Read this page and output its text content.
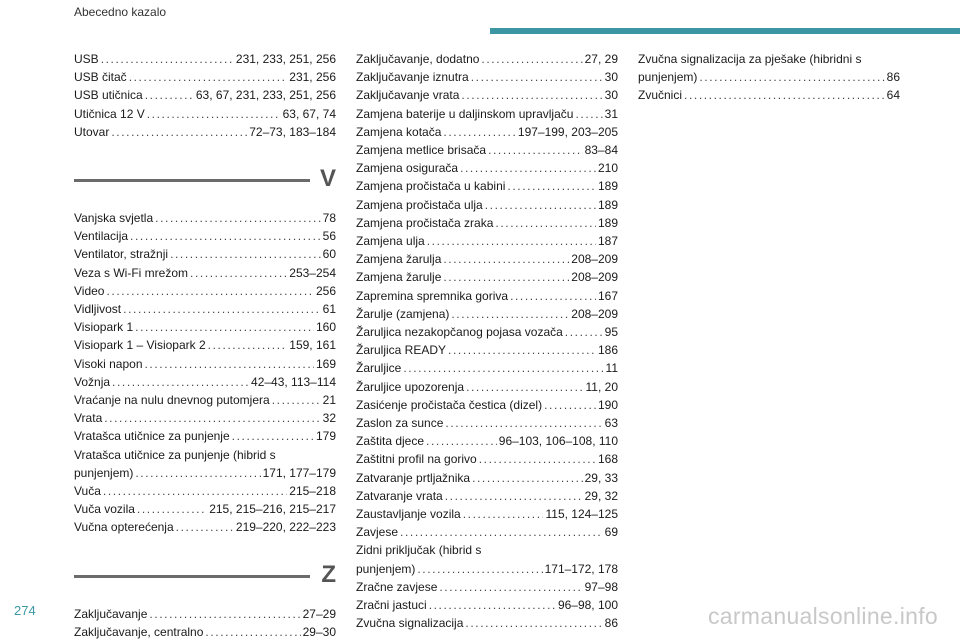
Abecedno kazalo
USB .....	231, 233, 251, 256
USB čitač .....	231, 256
USB utičnica .....	63, 67, 231, 233, 251, 256
Utičnica 12 V .....	63, 67, 74
Utovar .....	72–73, 183–184
V
Vanjska svjetla .....	78
Ventilacija .....	56
Ventilator, stražnji .....	60
Veza s Wi-Fi mrežom .....	253–254
Video .....	256
Vidljivost .....	61
Visiopark 1 .....	160
Visiopark 1 – Visiopark 2 .....	159, 161
Visoki napon .....	169
Vožnja .....	42–43, 113–114
Vraćanje na nulu dnevnog putomjera .....	21
Vrata .....	32
Vratašca utičnice za punjenje .....	179
Vratašca utičnice za punjenje (hibrid s
punjenjem) .....	171, 177–179
Vuča .....	215–218
Vuča vozila .....	215, 215–216, 215–217
Vučna opterećenja .....	219–220, 222–223
Z
Zaključavanje .....	27–29
Zaključavanje, centralno .....	29–30
Zaključavanje, dodatno .....	27, 29
Zaključavanje iznutra .....	30
Zaključavanje vrata .....	30
Zamjena baterije u daljinskom upravljaču .....	31
Zamjena kotača .....	197–199, 203–205
Zamjena metlice brisača .....	83–84
Zamjena osigurača .....	210
Zamjena pročistača u kabini .....	189
Zamjena pročistača ulja .....	189
Zamjena pročistača zraka .....	189
Zamjena ulja .....	187
Zamjena žarulja .....	208–209
Zamjena žarulje .....	208–209
Zapremina spremnika goriva .....	167
Žarulje (zamjena) .....	208–209
Žaruljica nezakopčanog pojasa vozača .....	95
Žaruljica READY .....	186
Žaruljice .....	11
Žaruljice upozorenja .....	11, 20
Zasićenje pročistača čestica (dizel) .....	190
Zaslon za sunce .....	63
Zaštita djece .....	96–103, 106–108, 110
Zaštitni profil na gorivo .....	168
Zatvaranje prtljažnika .....	29, 33
Zatvaranje vrata .....	29, 32
Zaustavljanje vozila .....	115, 124–125
Zavjese .....	69
Zidni priključak (hibrid s
punjenjem) .....	171–172, 178
Zračne zavjese .....	97–98
Zračni jastuci .....	96–98, 100
Zvučna signalizacija .....	86
Zvučna signalizacija za pješake (hibridni s
punjenjem) .....	86
Zvučnici .....	64
274	carmanualsonline.info
